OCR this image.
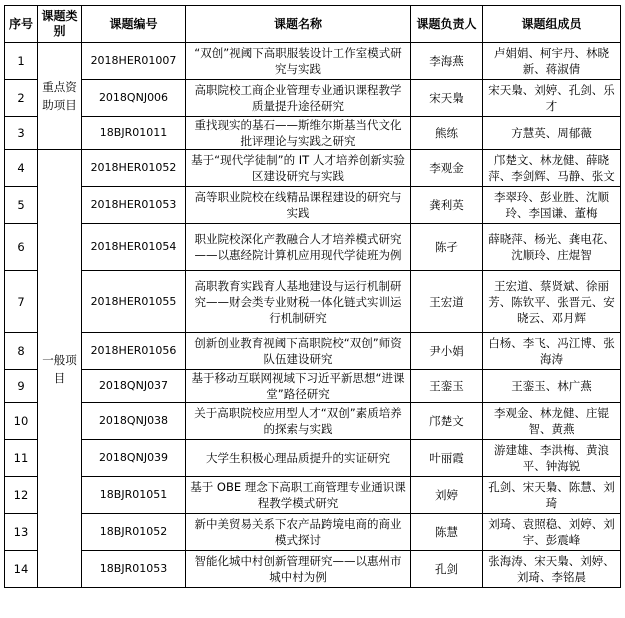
序号	课题类别	课题编号	课题名称	课题负责人	课题组成员
1	重点资助项目	2018HER01007	“双创”视阈下高职服装设计工作室模式研究与实践	李海燕	卢娟娟、柯宇丹、林晓新、蒋淑倩
2		2018QNJ006	高职院校工商企业管理专业通识课程教学质量提升途径研究	宋天梟	宋天梟、刘婷、孔剑、乐才
3		18BJR01011	重找现实的基石——斯维尔斯基当代文化批评理论与实践之研究	熊练	方慧英、周郁薇
4	一般项目	2018HER01052	基于“现代学徒制”的 IT 人才培养创新实验区建设研究与实践	李观金	邝楚文、林龙健、薛晓萍、李剑辉、马静、张文
5		2018HER01053	高等职业院校在线精品课程建设的研究与实践	龚利英	李翠玲、彭业胜、沈顺玲、李国谦、董梅
6		2018HER01054	职业院校深化产教融合人才培养模式研究——以惠经院计算机应用现代学徒班为例	陈孑	薛晓萍、杨光、龚电花、沈顺玲、庄焜智
7		2018HER01055	高职教育实践育人基地建设与运行机制研究——财会类专业财税一体化链式实训运行机制研究	王宏道	王宏道、蔡贤斌、徐丽芳、陈钦平、张晋元、安晓云、邓月辉
8		2018HER01056	创新创业教育视阈下高职院校“双创”师资队伍建设研究	尹小娟	白杨、李飞、冯江博、张海涛
9		2018QNJ037	基于移动互联网视域下习近平新思想“进课堂”路径研究	王銮玉	王銮玉、林广燕
10		2018QNJ038	关于高职院校应用型人才“双创”素质培养的探索与实践	邝楚文	李观金、林龙健、庄锟智、黄燕
11		2018QNJ039	大学生积极心理品质提升的实证研究	叶丽霞	游建雄、李洪梅、黄浪平、钟海锐
12		18BJR01051	基于 OBE 理念下高职工商管理专业通识课程教学模式研究	刘婷	孔剑、宋天梟、陈慧、刘琦
13		18BJR01052	新中美贸易关系下农产品跨境电商的商业模式探讨	陈慧	刘琦、袁照稳、刘婷、刘宇、彭震峰
14		18BJR01053	智能化城中村创新管理研究——以惠州市城中村为例	孔剑	张海涛、宋天梟、刘婷、刘琦、李铭晨
